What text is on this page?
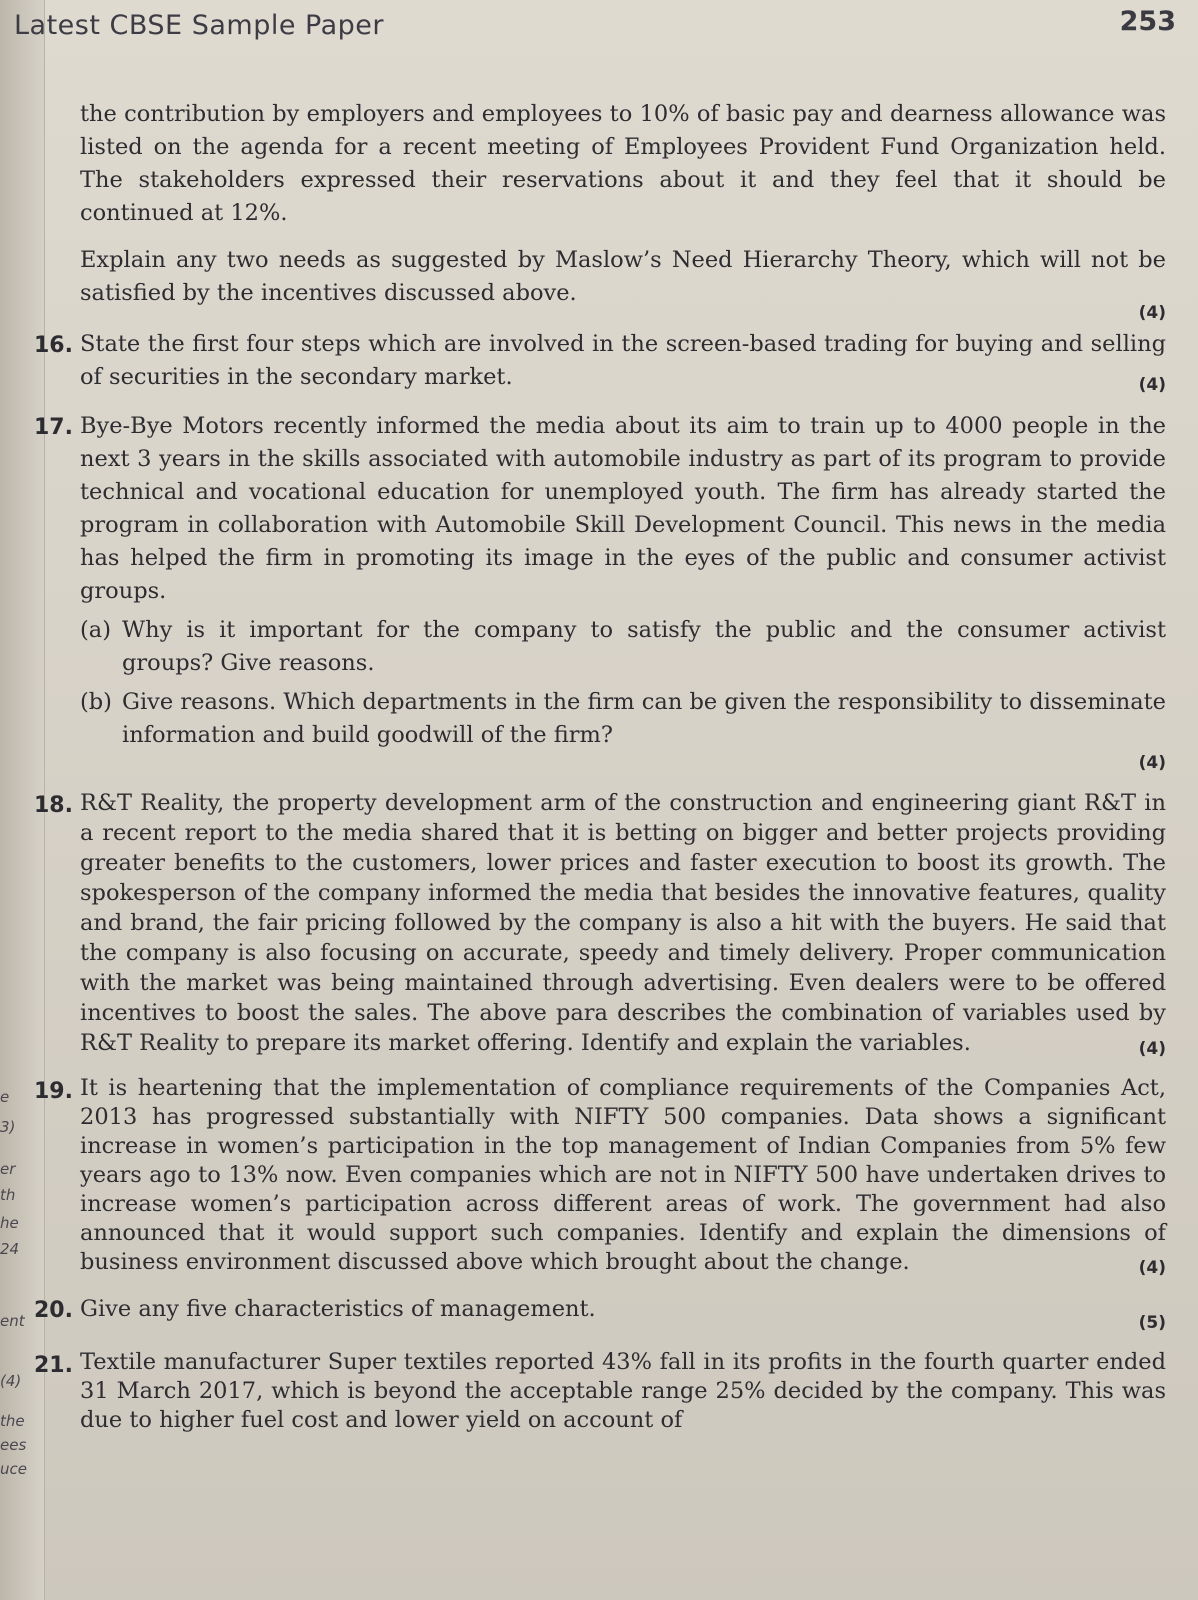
e
3)
er
th
he
24
ent
(4)
the
ees
uce
Latest CBSE Sample Paper	253
the contribution by employers and employees to 10% of basic pay and dearness allowance was listed on the agenda for a recent meeting of Employees Provident Fund Organization held. The stakeholders expressed their reservations about it and they feel that it should be continued at 12%.
Explain any two needs as suggested by Maslow’s Need Hierarchy Theory, which will not be satisfied by the incentives discussed above.
(4)
16. State the first four steps which are involved in the screen-based trading for buying and selling of securities in the secondary market.	(4)
17. Bye-Bye Motors recently informed the media about its aim to train up to 4000 people in the next 3 years in the skills associated with automobile industry as part of its program to provide technical and vocational education for unemployed youth. The firm has already started the program in collaboration with Automobile Skill Development Council. This news in the media has helped the firm in promoting its image in the eyes of the public and consumer activist groups.
(a) Why is it important for the company to satisfy the public and the consumer activist groups? Give reasons.
(b) Give reasons. Which departments in the firm can be given the responsibility to disseminate information and build goodwill of the firm?
(4)
18. R&T Reality, the property development arm of the construction and engineering giant R&T in a recent report to the media shared that it is betting on bigger and better projects providing greater benefits to the customers, lower prices and faster execution to boost its growth. The spokesperson of the company informed the media that besides the innovative features, quality and brand, the fair pricing followed by the company is also a hit with the buyers. He said that the company is also focusing on accurate, speedy and timely delivery. Proper communication with the market was being maintained through advertising. Even dealers were to be offered incentives to boost the sales. The above para describes the combination of variables used by R&T Reality to prepare its market offering. Identify and explain the variables.	(4)
19. It is heartening that the implementation of compliance requirements of the Companies Act, 2013 has progressed substantially with NIFTY 500 companies. Data shows a significant increase in women’s participation in the top management of Indian Companies from 5% few years ago to 13% now. Even companies which are not in NIFTY 500 have undertaken drives to increase women’s participation across different areas of work. The government had also announced that it would support such companies. Identify and explain the dimensions of business environment discussed above which brought about the change.	(4)
20. Give any five characteristics of management.
(5)
21. Textile manufacturer Super textiles reported 43% fall in its profits in the fourth quarter ended 31 March 2017, which is beyond the acceptable range 25% decided by the company. This was due to higher fuel cost and lower yield on account of
